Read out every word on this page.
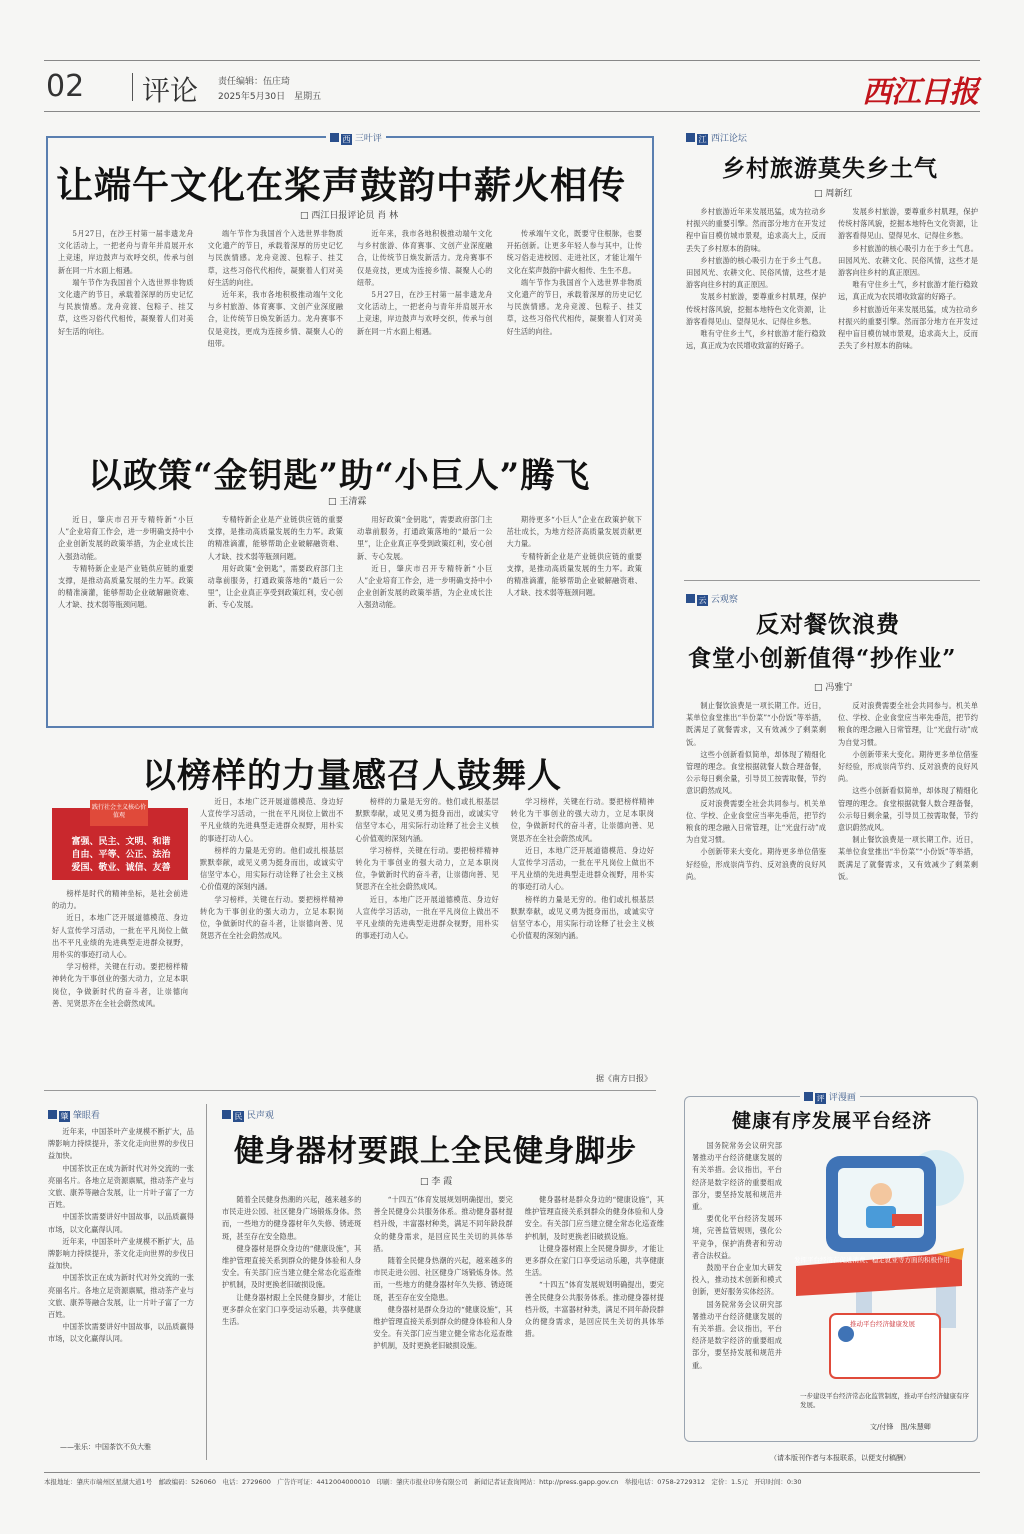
02 评论 责任编辑：伍庄琦
2025年5月30日　星期五	西江日报
西 三叶评
让端午文化在桨声鼓韵中薪火相传
□ 西江日报评论员 肖 林

5月27日，在沙王村第一届非遗龙舟文化活动上，一把老舟与青年并肩展开水上竞速，岸边鼓声与欢呼交织，传承与创新在同一片水面上相遇。

端午节作为我国首个入选世界非物质文化遗产的节日，承载着深厚的历史记忆与民族情感。龙舟竞渡、包粽子、挂艾草，这些习俗代代相传，凝聚着人们对美好生活的向往。

端午节作为我国首个入选世界非物质文化遗产的节日，承载着深厚的历史记忆与民族情感。龙舟竞渡、包粽子、挂艾草，这些习俗代代相传，凝聚着人们对美好生活的向往。

近年来，我市各地积极推动端午文化与乡村旅游、体育赛事、文创产业深度融合，让传统节日焕发新活力。龙舟赛事不仅是竞技，更成为连接乡情、凝聚人心的纽带。

近年来，我市各地积极推动端午文化与乡村旅游、体育赛事、文创产业深度融合，让传统节日焕发新活力。龙舟赛事不仅是竞技，更成为连接乡情、凝聚人心的纽带。

5月27日，在沙王村第一届非遗龙舟文化活动上，一把老舟与青年并肩展开水上竞速，岸边鼓声与欢呼交织，传承与创新在同一片水面上相遇。

传承端午文化，既要守住根脉，也要开拓创新。让更多年轻人参与其中，让传统习俗走进校园、走进社区，才能让端午文化在桨声鼓韵中薪火相传、生生不息。

端午节作为我国首个入选世界非物质文化遗产的节日，承载着深厚的历史记忆与民族情感。龙舟竞渡、包粽子、挂艾草，这些习俗代代相传，凝聚着人们对美好生活的向往。

以政策“金钥匙”助“小巨人”腾飞
□ 王清霖

近日，肇庆市召开专精特新“小巨人”企业培育工作会，进一步明确支持中小企业创新发展的政策举措，为企业成长注入强劲动能。

专精特新企业是产业链供应链的重要支撑，是推动高质量发展的生力军。政策的精准滴灌，能够帮助企业破解融资难、人才缺、技术弱等瓶颈问题。

专精特新企业是产业链供应链的重要支撑，是推动高质量发展的生力军。政策的精准滴灌，能够帮助企业破解融资难、人才缺、技术弱等瓶颈问题。

用好政策“金钥匙”，需要政府部门主动靠前服务，打通政策落地的“最后一公里”，让企业真正享受到政策红利，安心创新、专心发展。

用好政策“金钥匙”，需要政府部门主动靠前服务，打通政策落地的“最后一公里”，让企业真正享受到政策红利，安心创新、专心发展。

近日，肇庆市召开专精特新“小巨人”企业培育工作会，进一步明确支持中小企业创新发展的政策举措，为企业成长注入强劲动能。

期待更多“小巨人”企业在政策护航下茁壮成长，为地方经济高质量发展贡献更大力量。

专精特新企业是产业链供应链的重要支撑，是推动高质量发展的生力军。政策的精准滴灌，能够帮助企业破解融资难、人才缺、技术弱等瓶颈问题。

江 西江论坛
乡村旅游莫失乡土气
□ 周新红

乡村旅游近年来发展迅猛，成为拉动乡村振兴的重要引擎。然而部分地方在开发过程中盲目模仿城市景观，追求高大上，反而丢失了乡村原本的韵味。

乡村旅游的核心吸引力在于乡土气息。田园风光、农耕文化、民俗风情，这些才是游客向往乡村的真正原因。

发展乡村旅游，要尊重乡村肌理，保护传统村落风貌，挖掘本地特色文化资源，让游客看得见山、望得见水、记得住乡愁。

唯有守住乡土气，乡村旅游才能行稳致远，真正成为农民增收致富的好路子。

发展乡村旅游，要尊重乡村肌理，保护传统村落风貌，挖掘本地特色文化资源，让游客看得见山、望得见水、记得住乡愁。

乡村旅游的核心吸引力在于乡土气息。田园风光、农耕文化、民俗风情，这些才是游客向往乡村的真正原因。

唯有守住乡土气，乡村旅游才能行稳致远，真正成为农民增收致富的好路子。

乡村旅游近年来发展迅猛，成为拉动乡村振兴的重要引擎。然而部分地方在开发过程中盲目模仿城市景观，追求高大上，反而丢失了乡村原本的韵味。

云 云观察
反对餐饮浪费
食堂小创新值得“抄作业”
□ 冯雅宁

制止餐饮浪费是一项长期工作。近日，某单位食堂推出“半份菜”“小份饭”等举措，既满足了就餐需求，又有效减少了剩菜剩饭。

这些小创新看似简单，却体现了精细化管理的理念。食堂根据就餐人数合理备餐，公示每日剩余量，引导员工按需取餐，节约意识蔚然成风。

反对浪费需要全社会共同参与。机关单位、学校、企业食堂应当率先垂范，把节约粮食的理念融入日常管理，让“光盘行动”成为自觉习惯。

小创新带来大变化。期待更多单位借鉴好经验，形成崇尚节约、反对浪费的良好风尚。

反对浪费需要全社会共同参与。机关单位、学校、企业食堂应当率先垂范，把节约粮食的理念融入日常管理，让“光盘行动”成为自觉习惯。

小创新带来大变化。期待更多单位借鉴好经验，形成崇尚节约、反对浪费的良好风尚。

这些小创新看似简单，却体现了精细化管理的理念。食堂根据就餐人数合理备餐，公示每日剩余量，引导员工按需取餐，节约意识蔚然成风。

制止餐饮浪费是一项长期工作。近日，某单位食堂推出“半份菜”“小份饭”等举措，既满足了就餐需求，又有效减少了剩菜剩饭。

以榜样的力量感召人鼓舞人
践行社会主义核心价值观
富强、民主、文明、和谐
自由、平等、公正、法治
爱国、敬业、诚信、友善

榜样是时代的精神坐标，是社会前进的动力。

近日，本地广泛开展道德模范、身边好人宣传学习活动，一批在平凡岗位上做出不平凡业绩的先进典型走进群众视野，用朴实的事迹打动人心。

学习榜样，关键在行动。要把榜样精神转化为干事创业的强大动力，立足本职岗位，争做新时代的奋斗者，让崇德向善、见贤思齐在全社会蔚然成风。

近日，本地广泛开展道德模范、身边好人宣传学习活动，一批在平凡岗位上做出不平凡业绩的先进典型走进群众视野，用朴实的事迹打动人心。

榜样的力量是无穷的。他们或扎根基层默默奉献，或见义勇为挺身而出，或诚实守信坚守本心，用实际行动诠释了社会主义核心价值观的深刻内涵。

学习榜样，关键在行动。要把榜样精神转化为干事创业的强大动力，立足本职岗位，争做新时代的奋斗者，让崇德向善、见贤思齐在全社会蔚然成风。

榜样的力量是无穷的。他们或扎根基层默默奉献，或见义勇为挺身而出，或诚实守信坚守本心，用实际行动诠释了社会主义核心价值观的深刻内涵。

学习榜样，关键在行动。要把榜样精神转化为干事创业的强大动力，立足本职岗位，争做新时代的奋斗者，让崇德向善、见贤思齐在全社会蔚然成风。

近日，本地广泛开展道德模范、身边好人宣传学习活动，一批在平凡岗位上做出不平凡业绩的先进典型走进群众视野，用朴实的事迹打动人心。

学习榜样，关键在行动。要把榜样精神转化为干事创业的强大动力，立足本职岗位，争做新时代的奋斗者，让崇德向善、见贤思齐在全社会蔚然成风。

近日，本地广泛开展道德模范、身边好人宣传学习活动，一批在平凡岗位上做出不平凡业绩的先进典型走进群众视野，用朴实的事迹打动人心。

榜样的力量是无穷的。他们或扎根基层默默奉献，或见义勇为挺身而出，或诚实守信坚守本心，用实际行动诠释了社会主义核心价值观的深刻内涵。

据《南方日报》
肇 肇眼看

近年来，中国茶叶产业规模不断扩大，品牌影响力持续提升，茶文化走向世界的步伐日益加快。

中国茶饮正在成为新时代对外交流的一张亮丽名片。各地立足资源禀赋，推动茶产业与文旅、康养等融合发展，让一片叶子富了一方百姓。

中国茶饮需要讲好中国故事，以品质赢得市场，以文化赢得认同。

近年来，中国茶叶产业规模不断扩大，品牌影响力持续提升，茶文化走向世界的步伐日益加快。

中国茶饮正在成为新时代对外交流的一张亮丽名片。各地立足资源禀赋，推动茶产业与文旅、康养等融合发展，让一片叶子富了一方百姓。

中国茶饮需要讲好中国故事，以品质赢得市场，以文化赢得认同。

——张乐：中国茶饮不负大雅
民 民声观
健身器材要跟上全民健身脚步
□ 李 霞

随着全民健身热潮的兴起，越来越多的市民走进公园、社区健身广场锻炼身体。然而，一些地方的健身器材年久失修、锈迹斑斑，甚至存在安全隐患。

健身器材是群众身边的“健康设施”，其维护管理直接关系到群众的健身体验和人身安全。有关部门应当建立健全常态化巡查维护机制，及时更换老旧破损设施。

让健身器材跟上全民健身脚步，才能让更多群众在家门口享受运动乐趣，共享健康生活。

“十四五”体育发展规划明确提出，要完善全民健身公共服务体系。推动健身器材提档升级，丰富器材种类，满足不同年龄段群众的健身需求，是回应民生关切的具体举措。

随着全民健身热潮的兴起，越来越多的市民走进公园、社区健身广场锻炼身体。然而，一些地方的健身器材年久失修、锈迹斑斑，甚至存在安全隐患。

健身器材是群众身边的“健康设施”，其维护管理直接关系到群众的健身体验和人身安全。有关部门应当建立健全常态化巡查维护机制，及时更换老旧破损设施。

健身器材是群众身边的“健康设施”，其维护管理直接关系到群众的健身体验和人身安全。有关部门应当建立健全常态化巡查维护机制，及时更换老旧破损设施。

让健身器材跟上全民健身脚步，才能让更多群众在家门口享受运动乐趣，共享健康生活。

“十四五”体育发展规划明确提出，要完善全民健身公共服务体系。推动健身器材提档升级，丰富器材种类，满足不同年龄段群众的健身需求，是回应民生关切的具体举措。

评 评漫画
健康有序发展平台经济

国务院常务会议研究部署推动平台经济健康发展的有关举措。会议指出，平台经济是数字经济的重要组成部分，要坚持发展和规范并重。

要优化平台经济发展环境，完善监管规则，强化公平竞争，保护消费者和劳动者合法权益。

鼓励平台企业加大研发投入，推动技术创新和模式创新，更好服务实体经济。

国务院常务会议研究部署推动平台经济健康发展的有关举措。会议指出，平台经济是数字经济的重要组成部分，要坚持发展和规范并重。

发挥平台经济在促进消费、稳定就业等方面的积极作用
推动平台经济健康发展
一步建设平台经济常态化监管制度，推动平台经济健康有序发展。
文/付锋　图/朱慧卿
（请本版刊作者与本报联系，以便支付稿酬）
本报地址：肇庆市端州区星湖大道1号　邮政编码：526060　电话：2729600　广告许可证：4412004000010　印刷：肇庆市报业印务有限公司　新闻记者证查询网站：http://press.gapp.gov.cn　举报电话：0758-2729312　定价：1.5元　开印时间：0:30
